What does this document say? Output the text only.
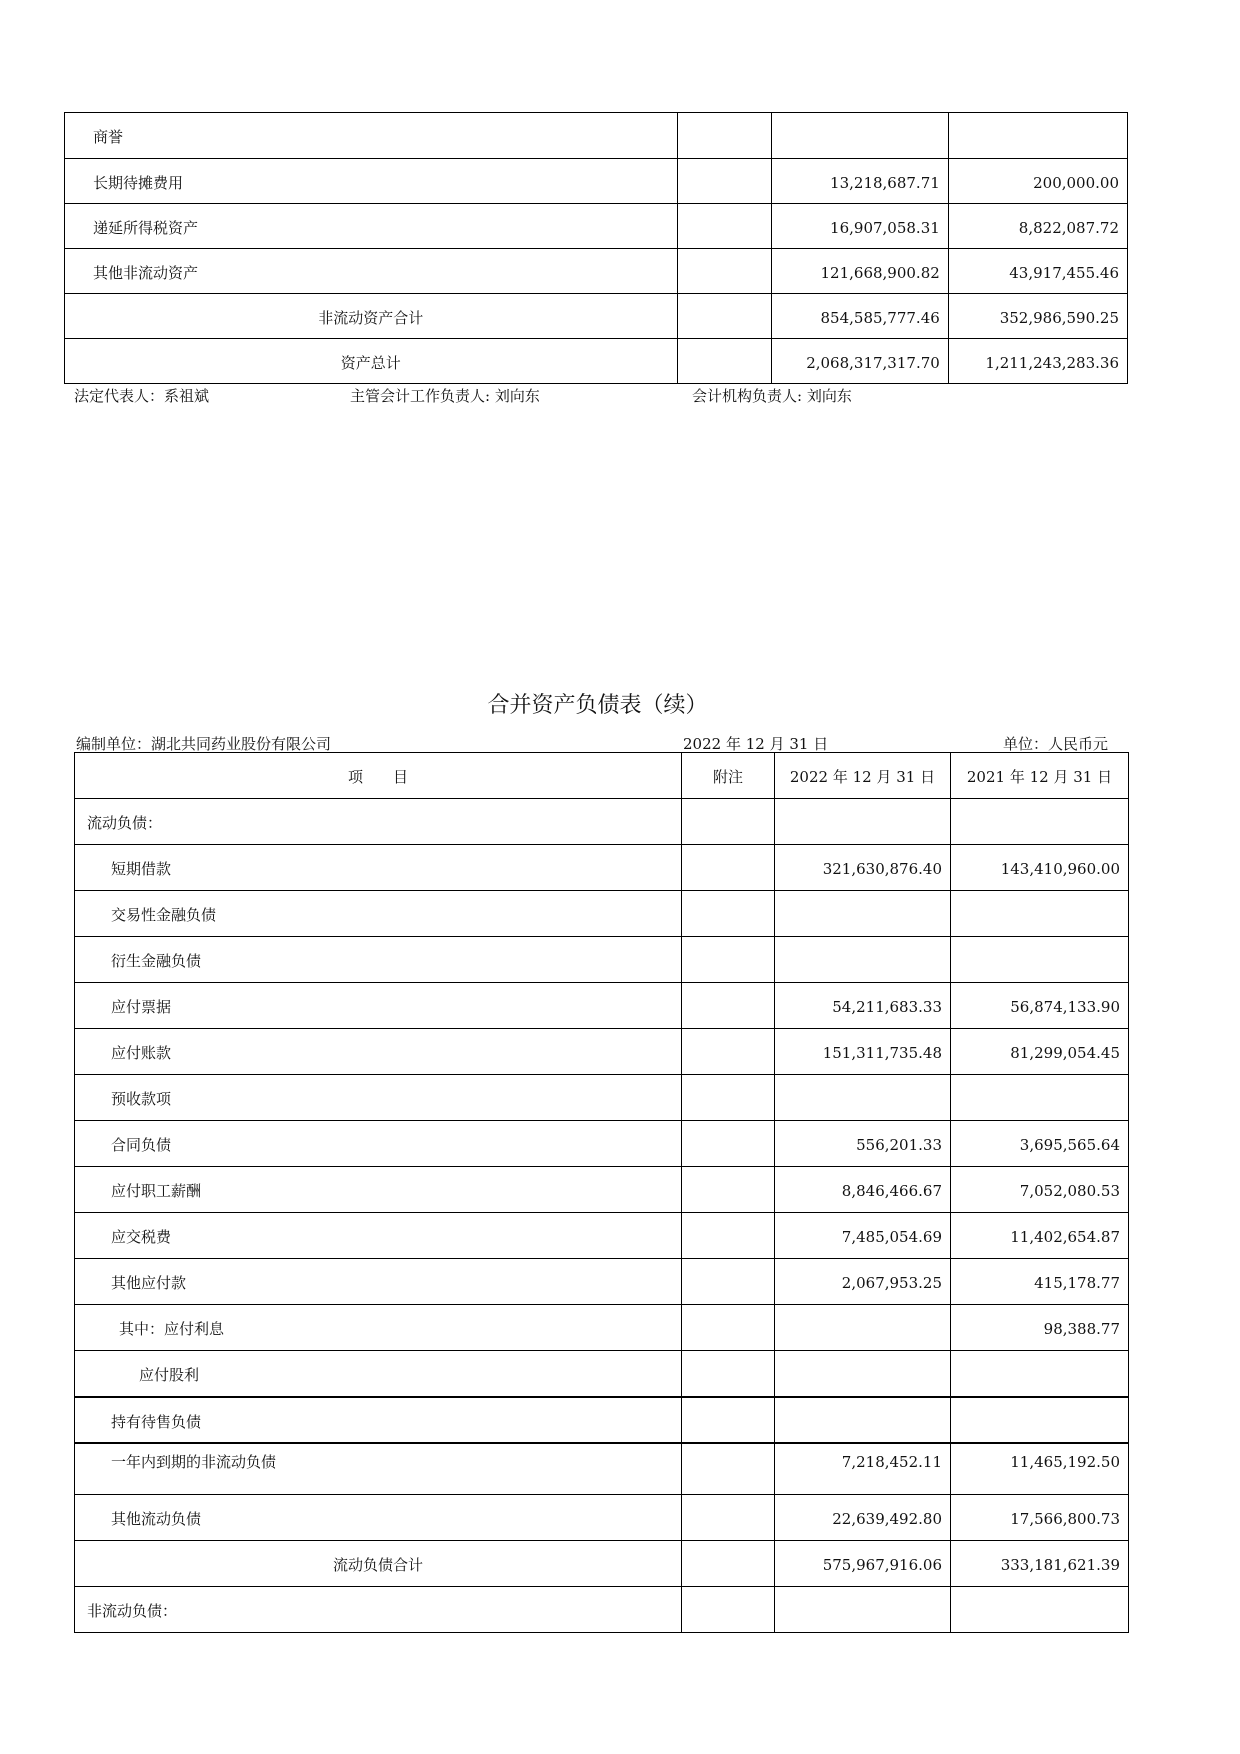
商誉			

长期待摊费用		13,218,687.71	200,000.00

递延所得税资产		16,907,058.31	8,822,087.72

其他非流动资产		121,668,900.82	43,917,455.46

非流动资产合计		854,585,777.46	352,986,590.25

资产总计		2,068,317,317.70	1,211,243,283.36
法定代表人：系祖斌	主管会计工作负责人: 刘向东	会计机构负责人: 刘向东
合并资产负债表（续）
编制单位：湖北共同药业股份有限公司	2022 年 12 月 31 日	单位：人民币元
项　　目	附注	2022 年 12 月 31 日	2021 年 12 月 31 日

流动负债：			

短期借款		321,630,876.40	143,410,960.00

交易性金融负债			

衍生金融负债			

应付票据		54,211,683.33	56,874,133.90

应付账款		151,311,735.48	81,299,054.45

预收款项			

合同负债		556,201.33	3,695,565.64

应付职工薪酬		8,846,466.67	7,052,080.53

应交税费		7,485,054.69	11,402,654.87

其他应付款		2,067,953.25	415,178.77

其中：应付利息			98,388.77

应付股利			

持有待售负债			

一年内到期的非流动负债		7,218,452.11	11,465,192.50

其他流动负债		22,639,492.80	17,566,800.73

流动负债合计		575,967,916.06	333,181,621.39

非流动负债：			
